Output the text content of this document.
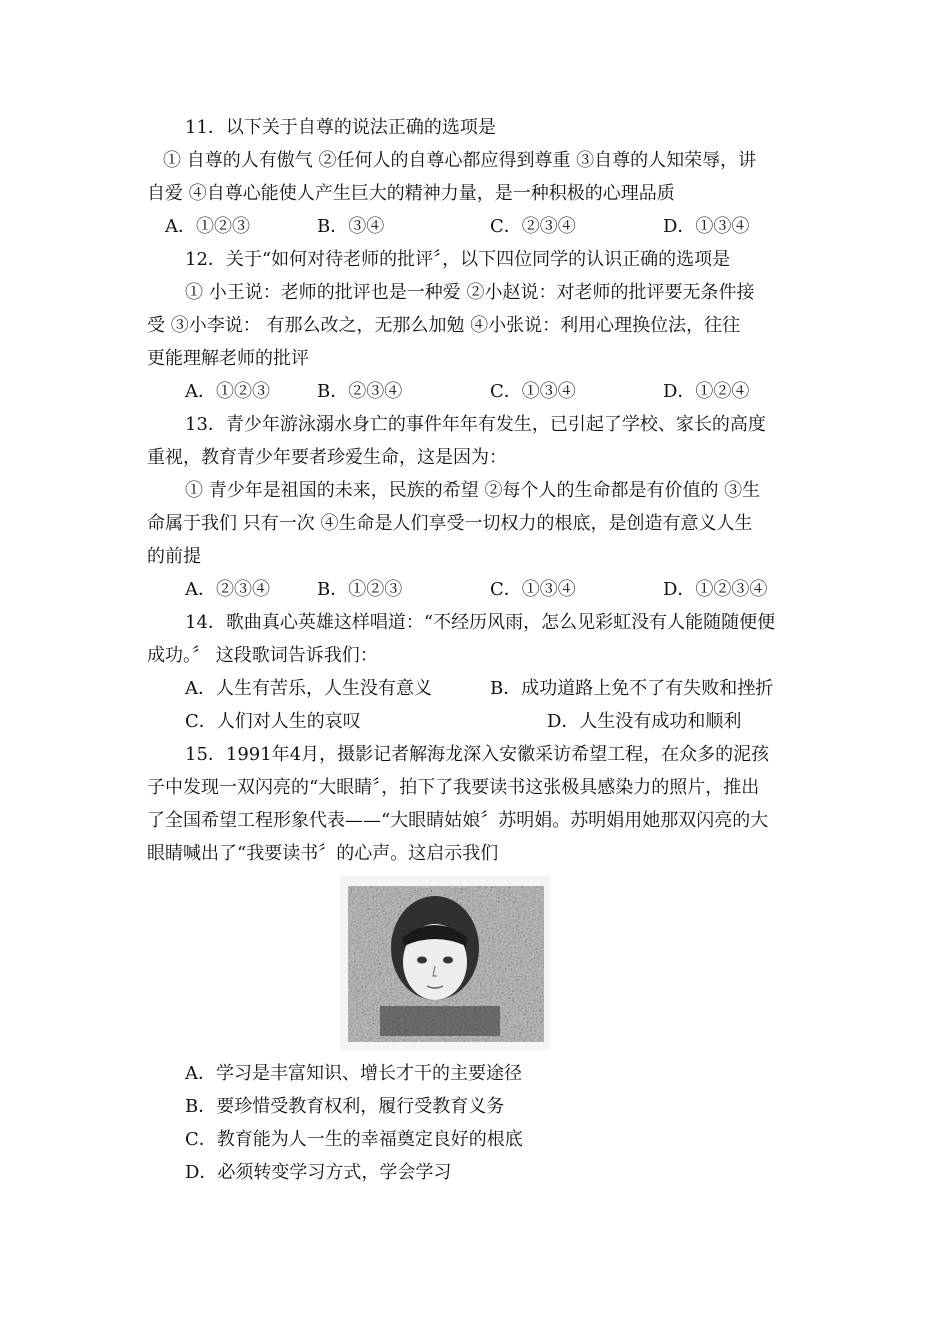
11．以下关于自尊的说法正确的选项是
① 自尊的人有傲气 ②任何人的自尊心都应得到尊重 ③自尊的人知荣辱，讲
自爱 ④自尊心能使人产生巨大的精神力量，是一种积极的心理品质
A．①②③	B．③④	C．②③④	D．①③④
12．关于“如何对待老师的批评〞，以下四位同学的认识正确的选项是
① 小王说：老师的批评也是一种爱 ②小赵说：对老师的批评要无条件接
受 ③小李说： 有那么改之，无那么加勉 ④小张说：利用心理换位法，往往
更能理解老师的批评
A．①②③	B．②③④	C．①③④	D．①②④
13．青少年游泳溺水身亡的事件年年有发生，已引起了学校、家长的高度
重视，教育青少年要者珍爱生命，这是因为：
① 青少年是祖国的未来，民族的希望 ②每个人的生命都是有价值的 ③生
命属于我们 只有一次 ④生命是人们享受一切权力的根底，是创造有意义人生
的前提
A．②③④	B．①②③	C．①③④	D．①②③④
14．歌曲真心英雄这样唱道：“不经历风雨，怎么见彩虹没有人能随随便便
成功。〞 这段歌词告诉我们：
A．人生有苦乐，人生没有意义	B．成功道路上免不了有失败和挫折
C．人们对人生的哀叹	D．人生没有成功和顺利
15．1991年4月，摄影记者解海龙深入安徽采访希望工程，在众多的泥孩
子中发现一双闪亮的“大眼睛〞，拍下了我要读书这张极具感染力的照片，推出
了全国希望工程形象代表——“大眼睛姑娘〞苏明娟。苏明娟用她那双闪亮的大
眼睛喊出了“我要读书〞的心声。这启示我们
A．学习是丰富知识、增长才干的主要途径
B．要珍惜受教育权利，履行受教育义务
C．教育能为人一生的幸福奠定良好的根底
D．必须转变学习方式，学会学习
